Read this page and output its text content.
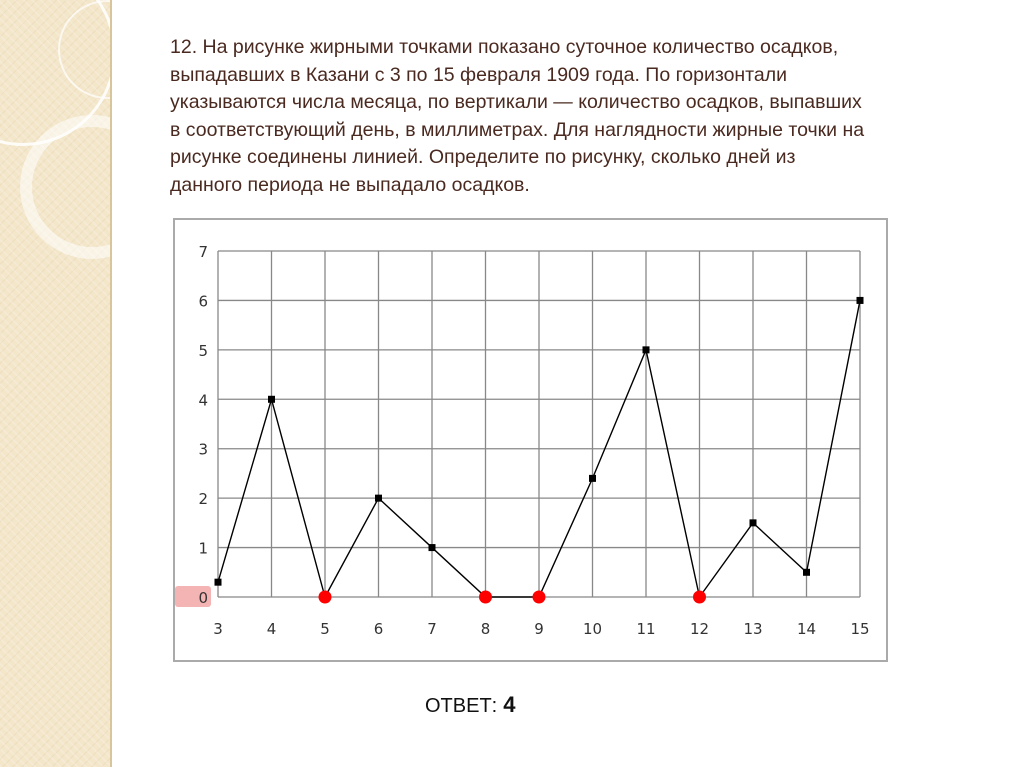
12. На рисунке жирными точками показано суточное количество осадков,
выпадавших в Казани с 3 по 15 февраля 1909 года. По горизонтали
указываются числа месяца, по вертикали — количество осадков, выпавших
в соответствующий день, в миллиметрах. Для наглядности жирные точки на
рисунке соединены линией. Определите по рисунку, сколько дней из
данного периода не выпадало осадков.
0
1
2
3
4
5
6
7
3	4	5	6	7	8	9	10 11 12 13 14 15
ОТВЕТ: 4
